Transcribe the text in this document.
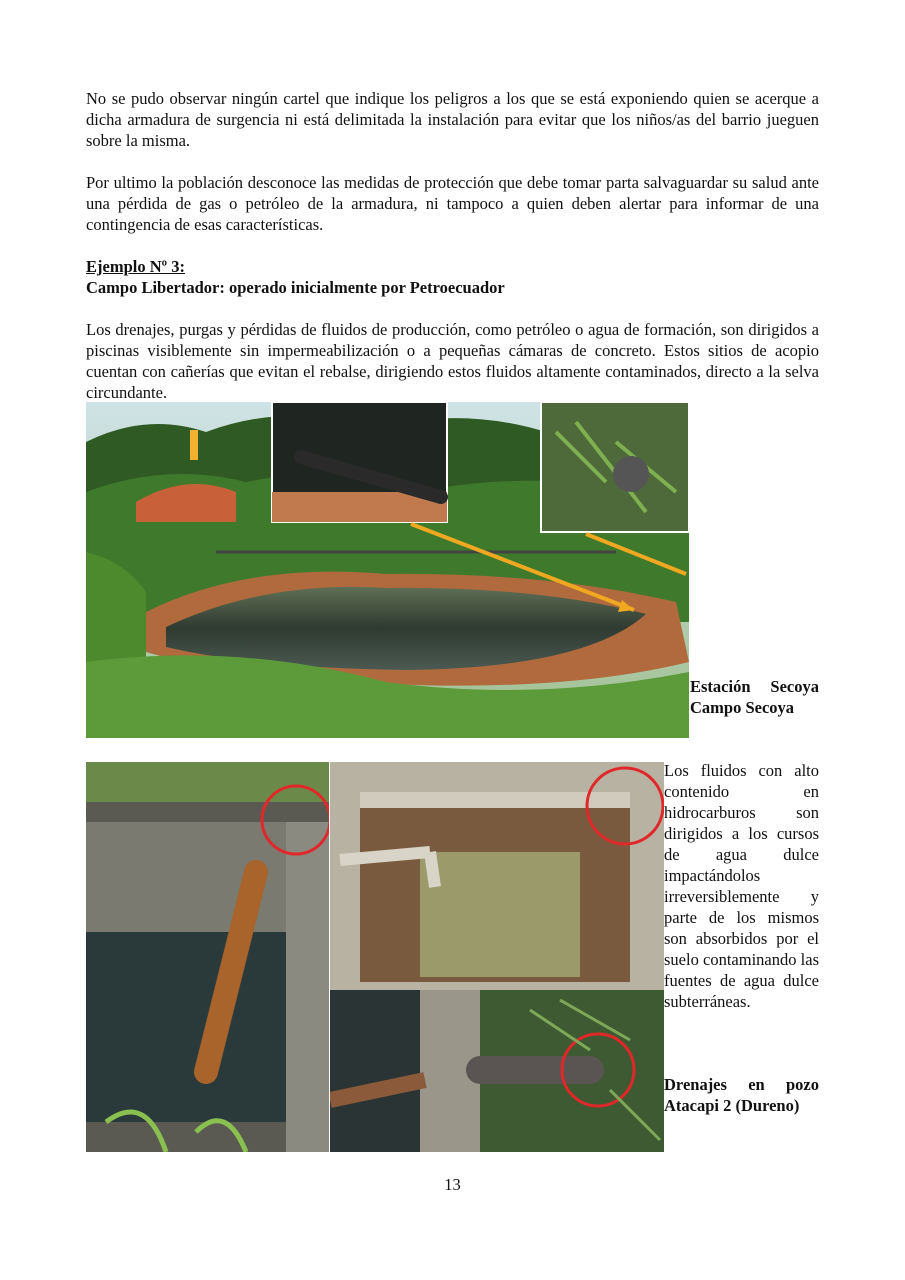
No se pudo observar ningún cartel que indique los peligros a los que se está exponiendo quien se acerque a dicha armadura de surgencia ni está delimitada la instalación para evitar que los niños/as del barrio jueguen sobre la misma.

Por ultimo la población desconoce las medidas de protección que debe tomar parta salvaguardar su salud ante una pérdida de gas o petróleo de la armadura, ni tampoco a quien deben alertar para informar de una contingencia de esas características.

Ejemplo Nº 3:

Campo Libertador: operado inicialmente por Petroecuador

Los drenajes, purgas y pérdidas de fluidos de producción, como petróleo o agua de formación, son dirigidos a piscinas visiblemente sin impermeabilización o a pequeñas cámaras de concreto. Estos sitios de acopio cuentan con cañerías que evitan el rebalse, dirigiendo estos fluidos altamente contaminados, directo a la selva circundante.

Estación Secoya
Campo Secoya
Los fluidos con alto contenido en hidrocarburos son dirigidos a los cursos de agua dulce impactándolos irreversiblemente y parte de los mismos son absorbidos por el suelo contaminando las fuentes de agua dulce subterráneas.
Drenajes en pozo
Atacapi 2 (Dureno)
13
